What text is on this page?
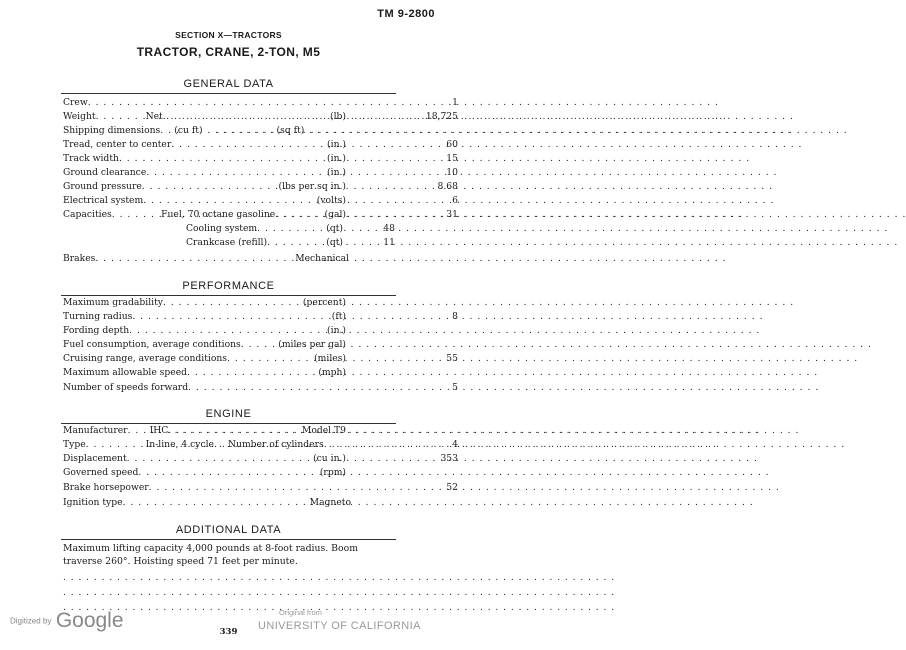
TM 9-2800
SECTION X—TRACTORS
TRACTOR, CRANE, 2-TON, M5
GENERAL DATA
Crew . . .	1
Weight . . .	Net . . .	(lb)	18,725
Shipping dimensions . . . (cu ft) . . .	(sq ft)
Tread, center to center . . .	(in.)	60
Track width . . .	(in.)	15
Ground clearance . . .	(in.)	10
Ground pressure . . .	(lbs per sq in.)	8.68
Electrical system . . .	(volts)	6
Capacities . . .	Fuel, 70 octane gasoline . . .	(gal)	31
Cooling system . . .	(qt)	48
Crankcase (refill) . . .	(qt)	11
Brakes . . .	Mechanical
PERFORMANCE
Maximum gradability . . .	(percent)
Turning radius . . .	(ft)	8
Fording depth . . .	(in.)
Fuel consumption, average conditions . . .	(miles per gal)
Cruising range, average conditions . . .	(miles)	55
Maximum allowable speed . . .	(mph)
Number of speeds forward . . .	5
ENGINE
Manufacturer . . . IHC . . .	Model T9
Type . . .	In-line, 4 cycle . . . Number of cylinders	4
Displacement . . .	(cu in.)	353
Governed speed . . .	(rpm)
Brake horsepower . . .	52
Ignition type . . .	Magneto
ADDITIONAL DATA
Maximum lifting capacity 4,000 pounds at 8-foot radius. Boom traverse 260°. Hoisting speed 71 feet per minute.
. . .
. . .
. . .
Digitized by Google	339
Original from
UNIVERSITY OF CALIFORNIA
